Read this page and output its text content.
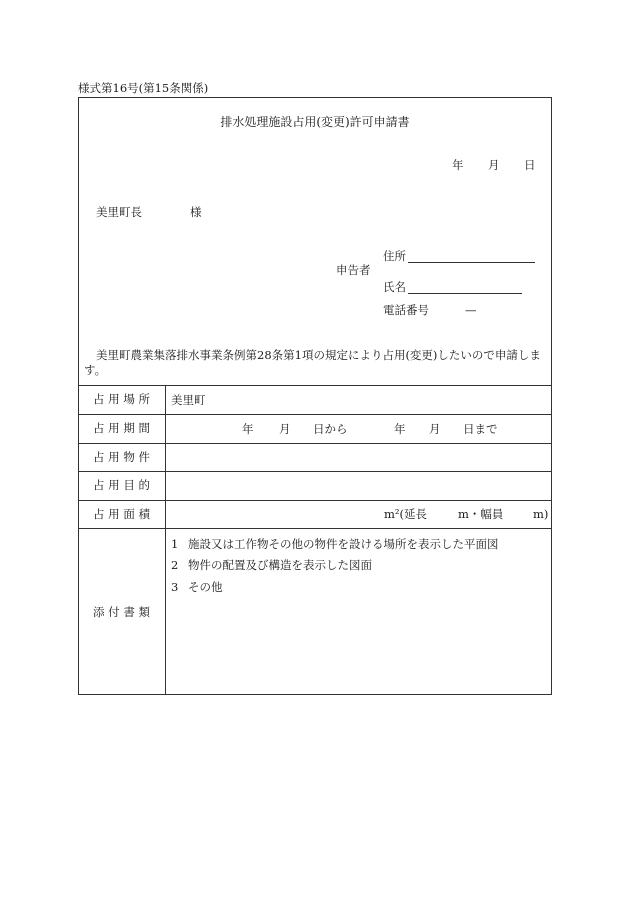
様式第16号(第15条関係)
排水処理施設占用(変更)許可申請書
年 月 日
美里町長	様
申告者
住所
氏名
電話番号	—
美里町農業集落排水事業条例第28条第1項の規定により占用(変更)したいので申請します。
占 用 場 所	美里町
占 用 期 間	年 月 日から	年 月 日まで
占 用 物 件
占 用 目 的
占 用 面 積	m²(延長	m・幅員	m)
添 付 書 類
1 施設又は工作物その他の物件を設ける場所を表示した平面図
2 物件の配置及び構造を表示した図面
3 その他
